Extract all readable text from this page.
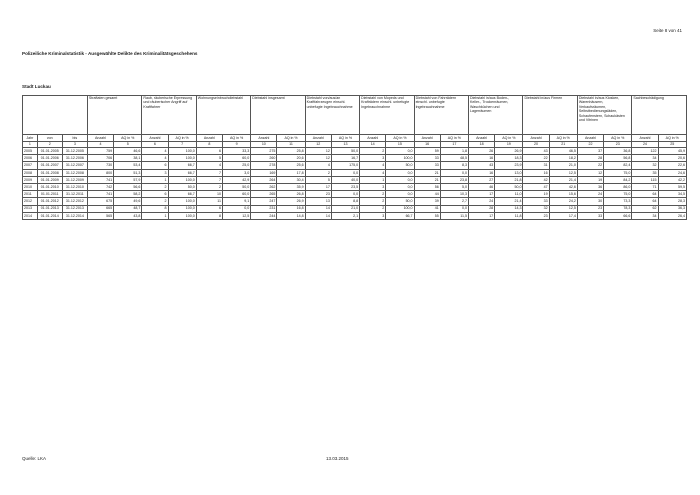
Seite 8 von 41
Polizeiliche Kriminalstatistik - Ausgewählte Delikte des Kriminalitätsgeschehens
Stadt Luckau
			Straftaten gesamt		Raub, räuberische Erpressung und räuberischer Angriff auf Kraftfahrer		Wohnungseinbruchdiebstahl		Diebstahl insgesamt		Diebstahl von/aus/an Kraftfahrzeugen einschl. unbefugte Ingebrauchnahme		Diebstahl von Mopeds und Krafträdern einschl. unbefugte Ingebrauchnahme		Diebstahl von Fahrrädern einschl. unbefugte Ingebrauchnahme		Diebstahl in/aus Boden-, Keller-, Trockenräumen, Waschküchen und Lagerräumen		Diebstahl in/aus Firmen		Diebstahl in/aus Kiosken, Warenhäusern, Verkaufsräumen, Selbstbedienungsläden, Schaufenstern, Schaukästen und Vitrinen		Sachbeschädigung	
Jahr	von	bis	Anzahl	AQ in %	Anzahl	AQ in %	Anzahl	AQ in %	Anzahl	AQ in %	Anzahl	AQ in %	Anzahl	AQ in %	Anzahl	AQ in %	Anzahl	AQ in %	Anzahl	AQ in %	Anzahl	AQ in %	Anzahl	AQ in %
1	2	3	4	5	6	7	8	9	10	11	12	13	14	15	16	17	18	19	20	21	22	23	24	25
2005	01.01.2005	31.12.2005	759	46,6	4	100,0	6	33,3	275	25,8	12	50,0	2	0,0	59	1,8	26	26,9	43	46,5	37	36,8	122	45,9
2006	01.01.2006	31.12.2006	706	38,1	4	100,0	5	60,0	260	20,6	12	16,7	3	100,0	33	48,5	16	18,3	22	18,2	28	56,8	34	20,6
2007	01.01.2007	31.12.2007	730	53,4	6	66,7	4	25,0	278	25,6	4	175,0	4	50,0	33	8,3	43	23,9	31	21,0	22	82,4	32	22,6
2008	01.01.2008	31.12.2008	800	51,3	3	66,7	7	3,0	169	17,8	2	0,0	4	0,0	21	0,0	16	13,0	16	12,5	12	75,0	35	24,6
2009	01.01.2009	31.12.2009	741	57,9	1	100,0	7	42,9	264	30,4	5	40,0	1	0,0	21	23,8	27	21,8	42	21,4	19	84,2	115	42,2
2010	01.01.2010	31.12.2010	742	56,6	2	50,0	2	50,0	262	35,9	17	23,5	3	0,0	56	5,0	46	50,0	47	42,6	36	86,0	71	59,5
2011	01.01.2011	31.12.2011	741	58,2	6	66,7	10	60,0	265	26,8	23	0,0	2	0,0	44	10,3	17	11,0	19	15,6	24	75,0	64	34,5
2012	01.01.2012	31.12.2012	675	49,6	2	100,0	11	9,1	247	26,9	13	8,8	2	50,0	39	2,7	24	21,4	33	24,2	30	73,3	64	28,3
2013	01.01.2013	31.12.2013	665	48,7	8	100,0	6	0,0	231	16,8	14	21,0	2	100,0	41	0,0	28	14,3	32	12,5	23	78,3	62	36,3
2014	01.01.2014	31.12.2014	565	43,8	1	100,0	8	12,5	244	14,8	14	2,1	3	66,7	55	11,5	17	11,8	23	17,4	33	66,6	34	26,4
Quelle: LKA	13.03.2015
